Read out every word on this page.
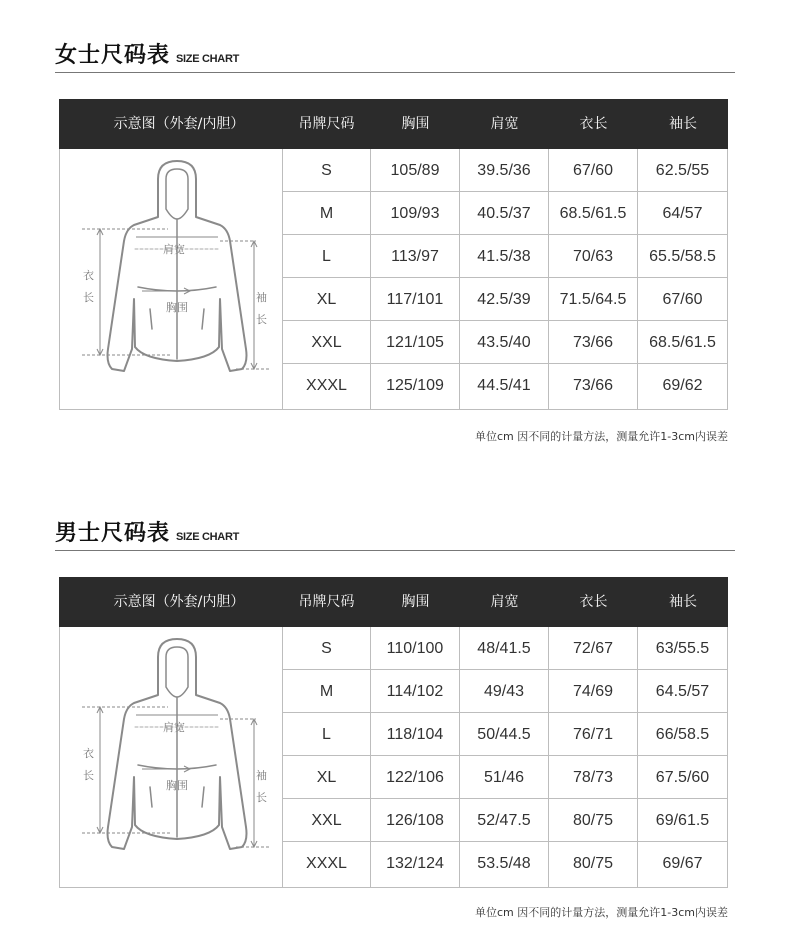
女士尺码表 SIZE CHART
示意图（外套/内胆）	吊牌尺码	胸围	肩宽	衣长	袖长
肩宽
胸围
衣
长	袖
长
S	105/89	39.5/36	67/60	62.5/55
M	109/93	40.5/37	68.5/61.5	64/57
L	113/97	41.5/38	70/63	65.5/58.5
XL	117/101	42.5/39	71.5/64.5	67/60
XXL	121/105	43.5/40	73/66	68.5/61.5
XXXL	125/109	44.5/41	73/66	69/62
单位cm 因不同的计量方法，测量允许1-3cm内误差
男士尺码表 SIZE CHART
示意图（外套/内胆）	吊牌尺码	胸围	肩宽	衣长	袖长
肩宽
胸围
衣
长	袖
长
S	110/100	48/41.5	72/67	63/55.5
M	114/102	49/43	74/69	64.5/57
L	118/104	50/44.5	76/71	66/58.5
XL	122/106	51/46	78/73	67.5/60
XXL	126/108	52/47.5	80/75	69/61.5
XXXL	132/124	53.5/48	80/75	69/67
单位cm 因不同的计量方法，测量允许1-3cm内误差
